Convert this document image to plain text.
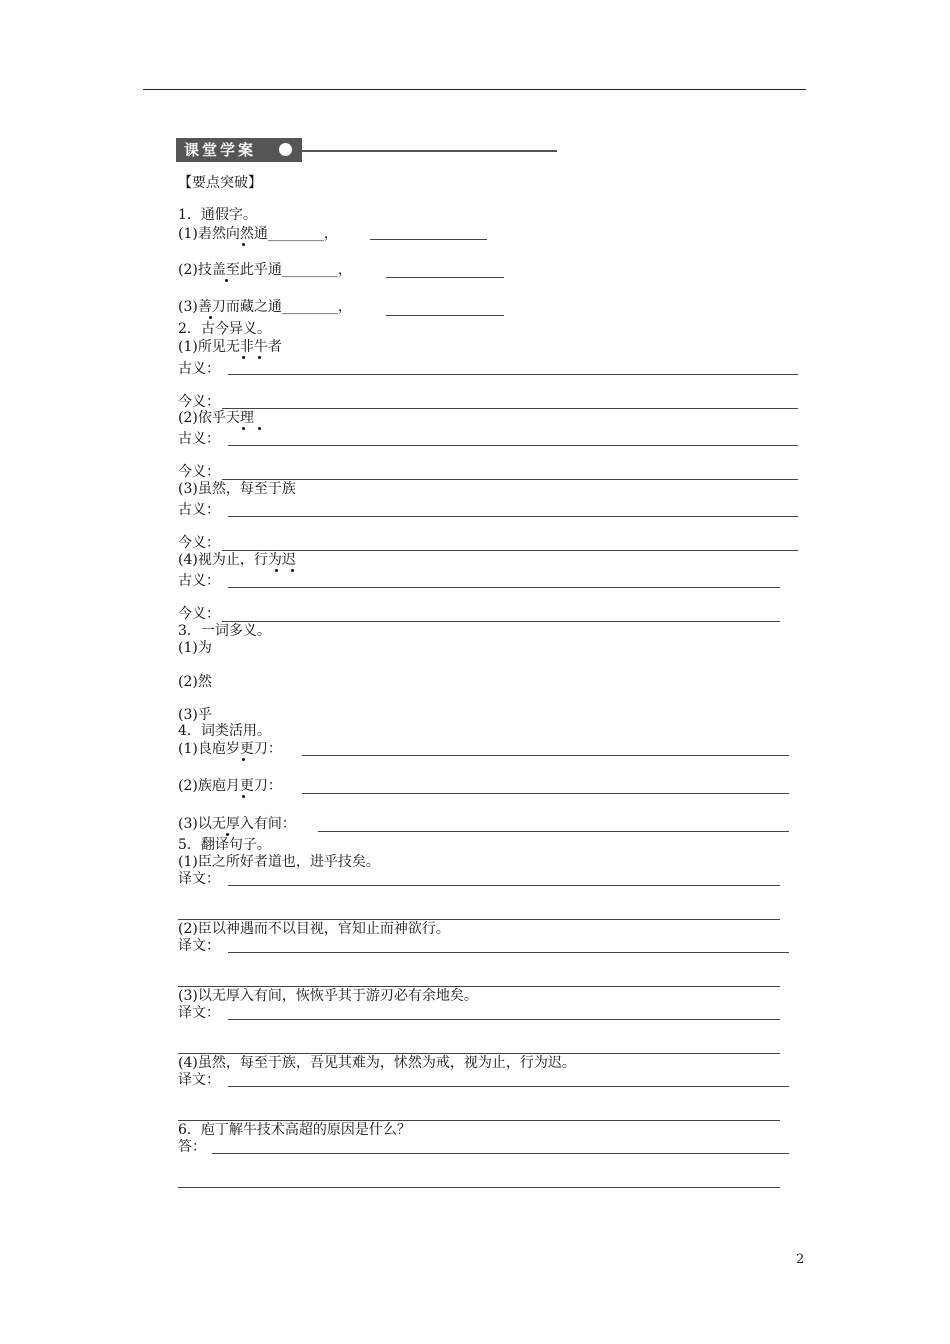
课堂学案
【要点突破】
1．通假字。
(1)砉然向然通________，
(2)技盖至此乎通________，
(3)善刀而藏之通________，
2．古今异义。
(1)所见无非牛者
古义：
今义：
(2)依乎天理
古义：
今义：
(3)虽然，每至于族
古义：
今义：
(4)视为止，行为迟
古义：
今义：
3．一词多义。
(1)为
(2)然
(3)乎
4．词类活用。
(1)良庖岁更刀：
(2)族庖月更刀：
(3)以无厚入有间：
5．翻译句子。
(1)臣之所好者道也，进乎技矣。
译文：
(2)臣以神遇而不以目视，官知止而神欲行。
译文：
(3)以无厚入有间，恢恢乎其于游刃必有余地矣。
译文：
(4)虽然，每至于族，吾见其难为，怵然为戒，视为止，行为迟。
译文：
6．庖丁解牛技术高超的原因是什么？
答：
2
